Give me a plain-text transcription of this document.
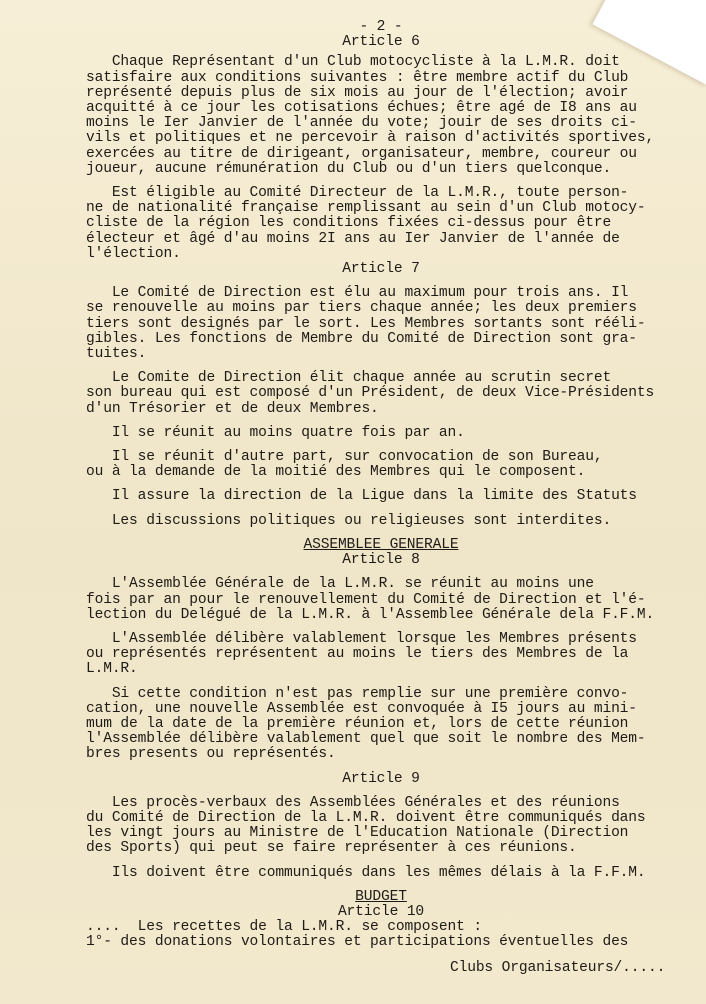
- 2 -

Article 6

Chaque Représentant d'un Club motocycliste à la L.M.R. doit

satisfaire aux conditions suivantes : être membre actif du Club

représenté depuis plus de six mois au jour de l'élection; avoir

acquitté à ce jour les cotisations échues; être agé de I8 ans au

moins le Ier Janvier de l'année du vote; jouir de ses droits ci-

vils et politiques et ne percevoir à raison d'activités sportives,

exercées au titre de dirigeant, organisateur, membre, coureur ou

joueur, aucune rémunération du Club ou d'un tiers quelconque.

Est éligible au Comité Directeur de la L.M.R., toute person-

ne de nationalité française remplissant au sein d'un Club motocy-

cliste de la région les conditions fixées ci-dessus pour être

électeur et âgé d'au moins 2I ans au Ier Janvier de l'année de

l'élection.

Article 7

Le Comité de Direction est élu au maximum pour trois ans. Il

se renouvelle au moins par tiers chaque année; les deux premiers

tiers sont designés par le sort. Les Membres sortants sont rééli-

gibles. Les fonctions de Membre du Comité de Direction sont gra-

tuites.

Le Comite de Direction élit chaque année au scrutin secret

son bureau qui est composé d'un Président, de deux Vice-Présidents

d'un Trésorier et de deux Membres.

Il se réunit au moins quatre fois par an.

Il se réunit d'autre part, sur convocation de son Bureau,

ou à la demande de la moitié des Membres qui le composent.

Il assure la direction de la Ligue dans la limite des Statuts

Les discussions politiques ou religieuses sont interdites.

ASSEMBLEE GENERALE

Article 8

L'Assemblée Générale de la L.M.R. se réunit au moins une

fois par an pour le renouvellement du Comité de Direction et l'é-

lection du Delégué de la L.M.R. à l'Assemblee Générale dela F.F.M.

L'Assemblée délibère valablement lorsque les Membres présents

ou représentés représentent au moins le tiers des Membres de la

L.M.R.

Si cette condition n'est pas remplie sur une première convo-

cation, une nouvelle Assemblée est convoquée à I5 jours au mini-

mum de la date de la première réunion et, lors de cette réunion

l'Assemblée délibère valablement quel que soit le nombre des Mem-

bres presents ou représentés.

Article 9

Les procès-verbaux des Assemblées Générales et des réunions

du Comité de Direction de la L.M.R. doivent être communiqués dans

les vingt jours au Ministre de l'Education Nationale (Direction

des Sports) qui peut se faire représenter à ces réunions.

Ils doivent être communiqués dans les mêmes délais à la F.F.M.

BUDGET

Article 10

....  Les recettes de la L.M.R. se composent :

1°- des donations volontaires et participations éventuelles des

Clubs Organisateurs/.....
